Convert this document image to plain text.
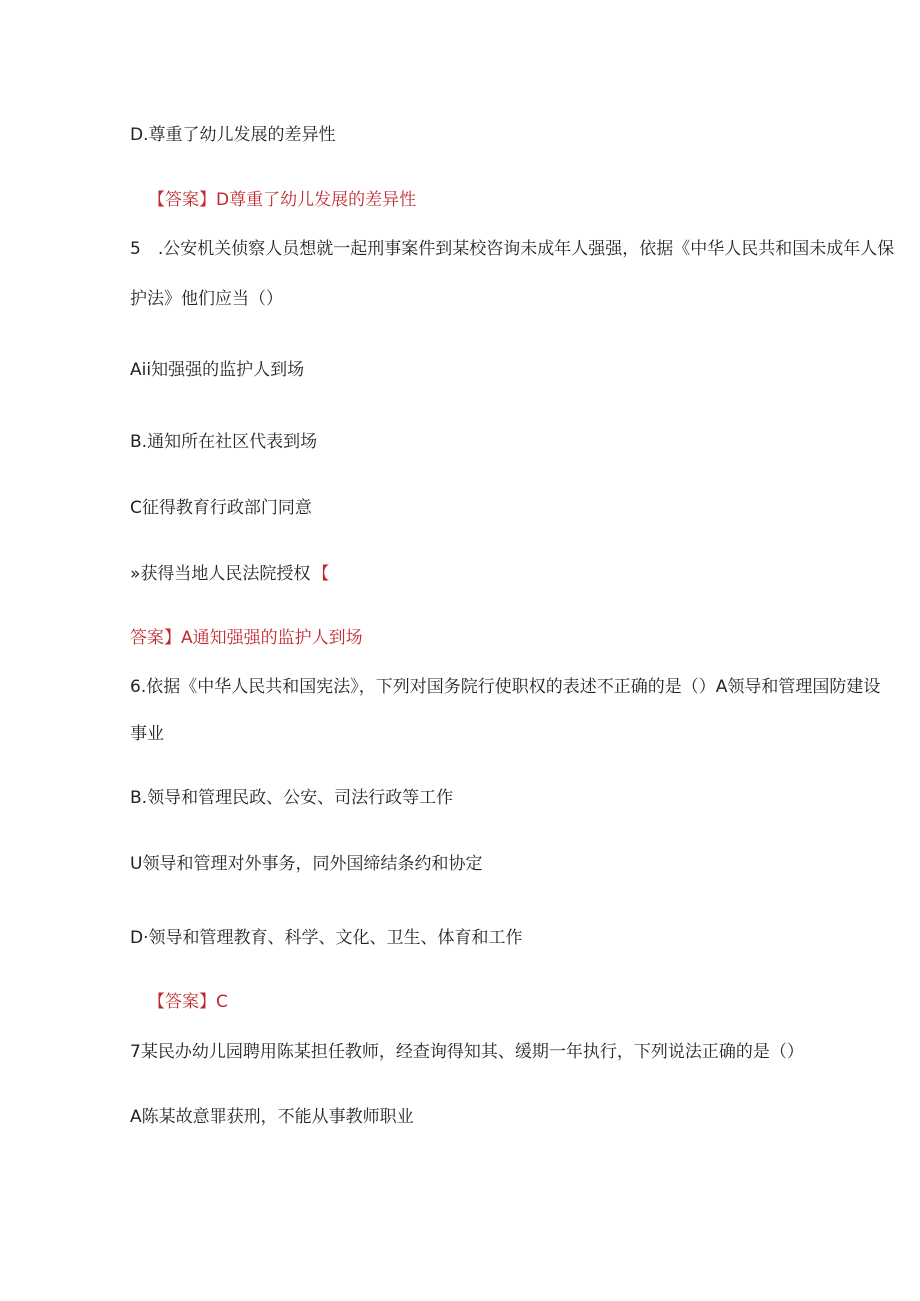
D.尊重了幼儿发展的差异性
【答案】D尊重了幼儿发展的差异性
5 .公安机关侦察人员想就一起刑事案件到某校咨询未成年人强强，依据《中华人民共和国未成年人保
护法》他们应当（）
Aii知强强的监护人到场
B.通知所在社区代表到场
C征得教育行政部门同意
»获得当地人民法院授权 【
答案】A通知强强的监护人到场
6.依据《中华人民共和国宪法》，下列对国务院行使职权的表述不正确的是（）A领导和管理国防建设
事业
B.领导和管理民政、公安、司法行政等工作
U领导和管理对外事务，同外国缔结条约和协定
D·领导和管理教育、科学、文化、卫生、体育和工作
【答案】C
7某民办幼儿园聘用陈某担任教师，经查询得知其、缓期一年执行，下列说法正确的是（）
A陈某故意罪获刑，不能从事教师职业
